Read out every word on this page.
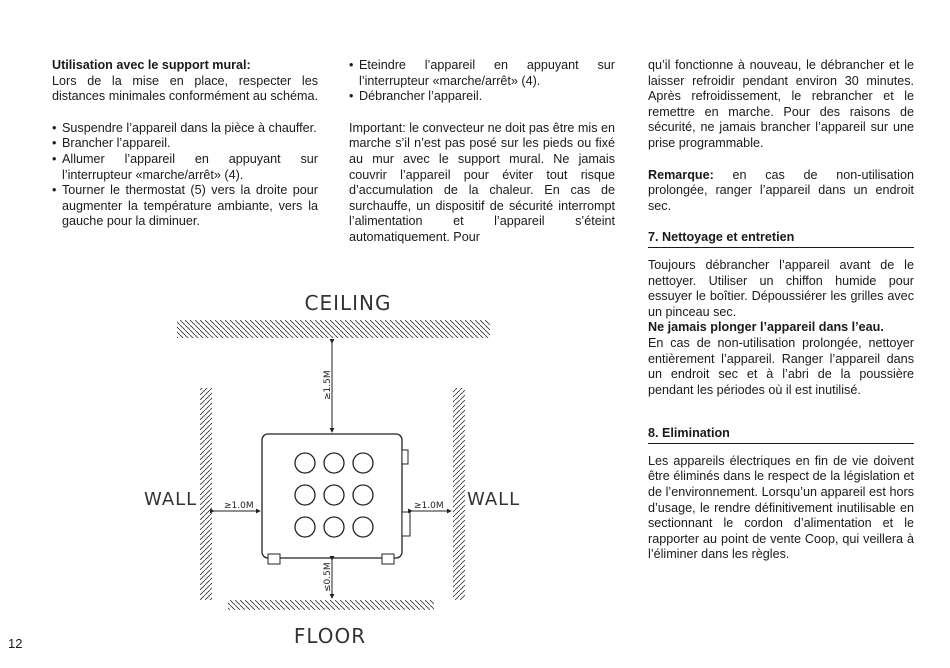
Utilisation avec le support mural:

Lors de la mise en place, respecter les distances minimales conformément au schéma.

• Suspendre l’appareil dans la pièce à chauffer.
• Brancher l’appareil.
• Allumer l’appareil en appuyant sur l’interrupteur «marche/arrêt» (4).
• Tourner le thermostat (5) vers la droite pour augmenter la température ambiante, vers la gauche pour la diminuer.
• Eteindre l’appareil en appuyant sur l’interrupteur «marche/arrêt» (4).
• Débrancher l’appareil.

Important: le convecteur ne doit pas être mis en marche s’il n’est pas posé sur les pieds ou fixé au mur avec le support mural. Ne jamais couvrir l’appareil pour éviter tout risque d’accumulation de la chaleur. En cas de surchauffe, un dispositif de sécurité interrompt l’alimentation et l’appareil s’éteint automatiquement. Pour

qu’il fonctionne à nouveau, le débrancher et le laisser refroidir pendant environ 30 minutes. Après refroidissement, le rebrancher et le remettre en marche. Pour des raisons de sécurité, ne jamais brancher l’appareil sur une prise programmable.

Remarque: en cas de non-utilisation prolongée, ranger l’appareil dans un endroit sec.

7. Nettoyage et entretien

Toujours débrancher l’appareil avant de le nettoyer. Utiliser un chiffon humide pour essuyer le boîtier. Dépoussiérer les grilles avec un pinceau sec.

Ne jamais plonger l’appareil dans l’eau.

En cas de non-utilisation prolongée, nettoyer entièrement l’appareil. Ranger l’appareil dans un endroit sec et à l’abri de la poussière pendant les périodes où il est inutilisé.

8. Elimination

Les appareils électriques en fin de vie doivent être éliminés dans le respect de la législation et de l’environnement. Lorsqu’un appareil est hors d’usage, le rendre définitivement inutilisable en sectionnant le cordon d’alimentation et le rapporter au point de vente Coop, qui veillera à l’éliminer dans les règles.

CEILING
WALL	WALL
FLOOR
≥1.5M
≥1.0M	≥1.0M
≤0.5M
12
